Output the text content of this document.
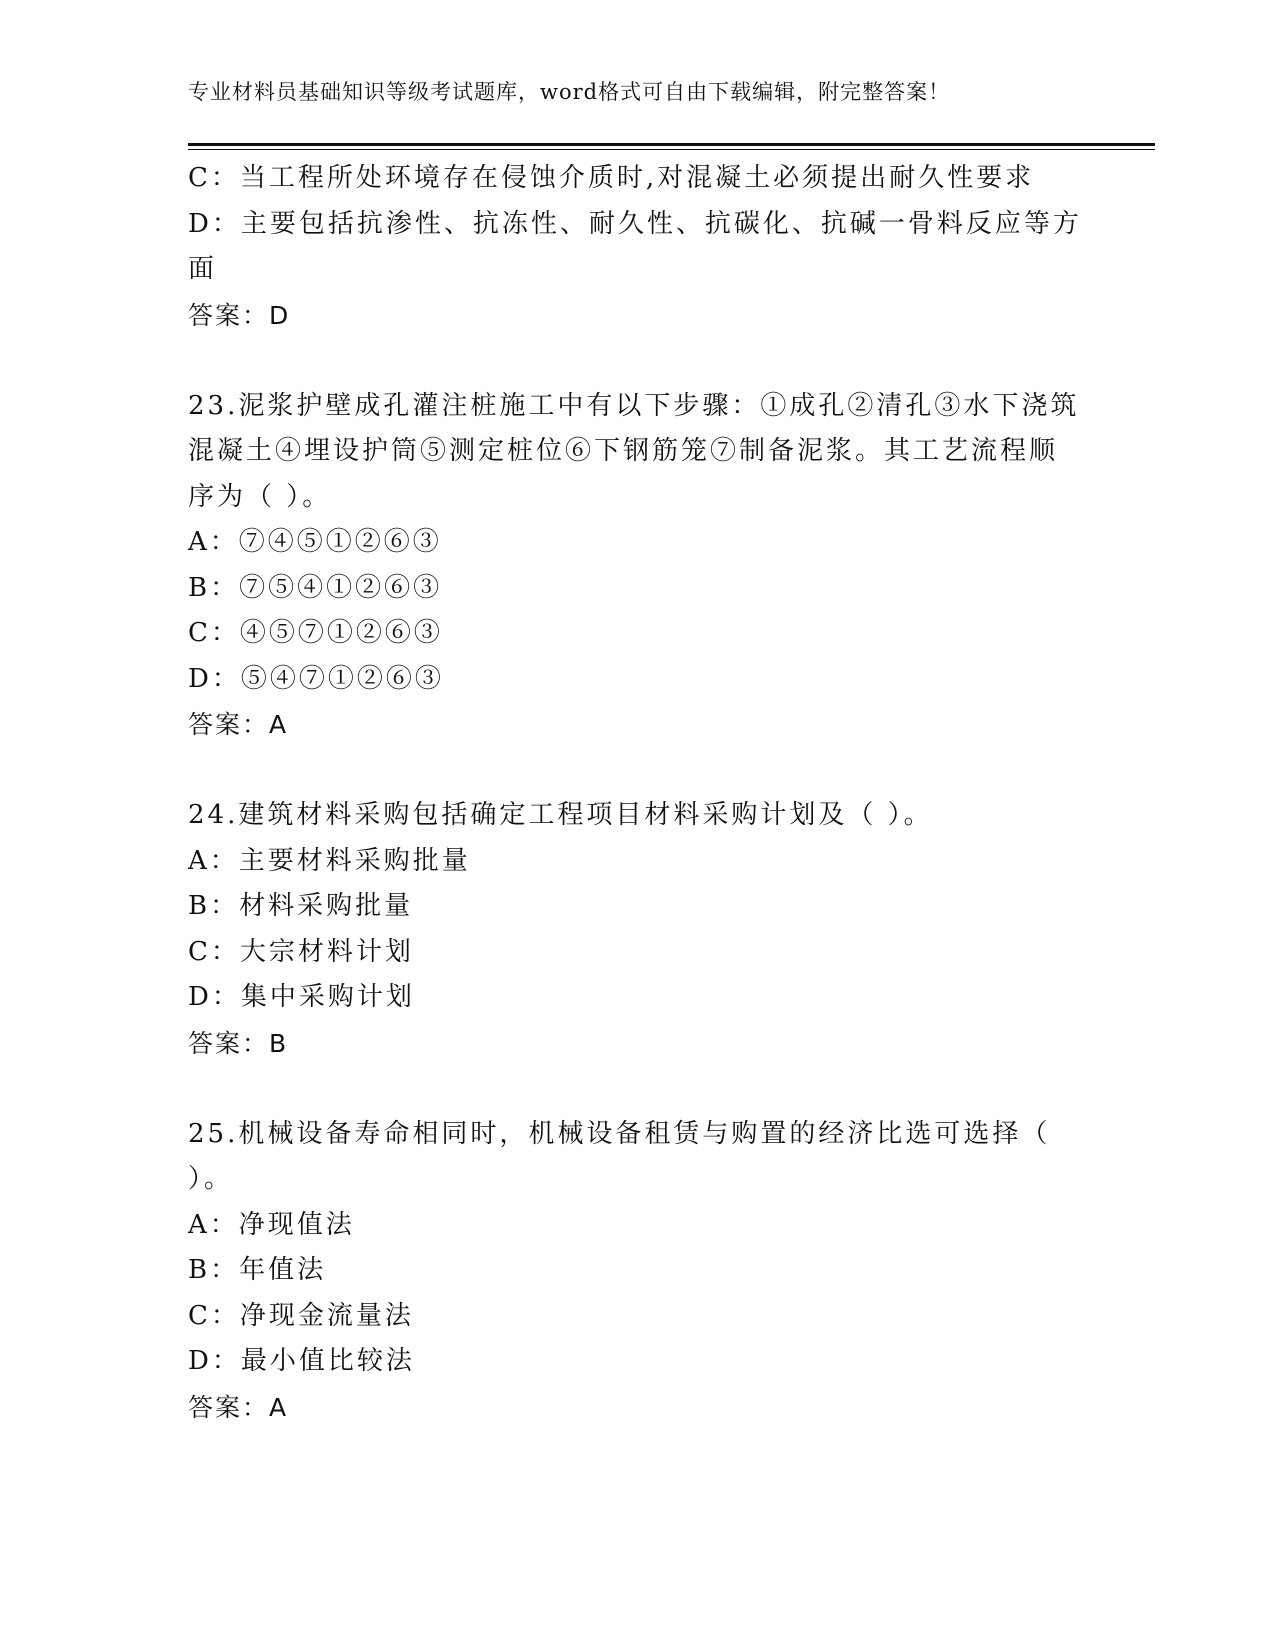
专业材料员基础知识等级考试题库，word格式可自由下载编辑，附完整答案！
C：当工程所处环境存在侵蚀介质时,对混凝土必须提出耐久性要求
D：主要包括抗渗性、抗冻性、耐久性、抗碳化、抗碱一骨料反应等方
面
答案：D
23.泥浆护壁成孔灌注桩施工中有以下步骤：①成孔②清孔③水下浇筑
混凝土④埋设护筒⑤测定桩位⑥下钢筋笼⑦制备泥浆。其工艺流程顺
序为（ ）。
A：⑦④⑤①②⑥③
B：⑦⑤④①②⑥③
C：④⑤⑦①②⑥③
D：⑤④⑦①②⑥③
答案：A
24.建筑材料采购包括确定工程项目材料采购计划及（ ）。
A：主要材料采购批量
B：材料采购批量
C：大宗材料计划
D：集中采购计划
答案：B
25.机械设备寿命相同时，机械设备租赁与购置的经济比选可选择（
）。
A：净现值法
B：年值法
C：净现金流量法
D：最小值比较法
答案：A
